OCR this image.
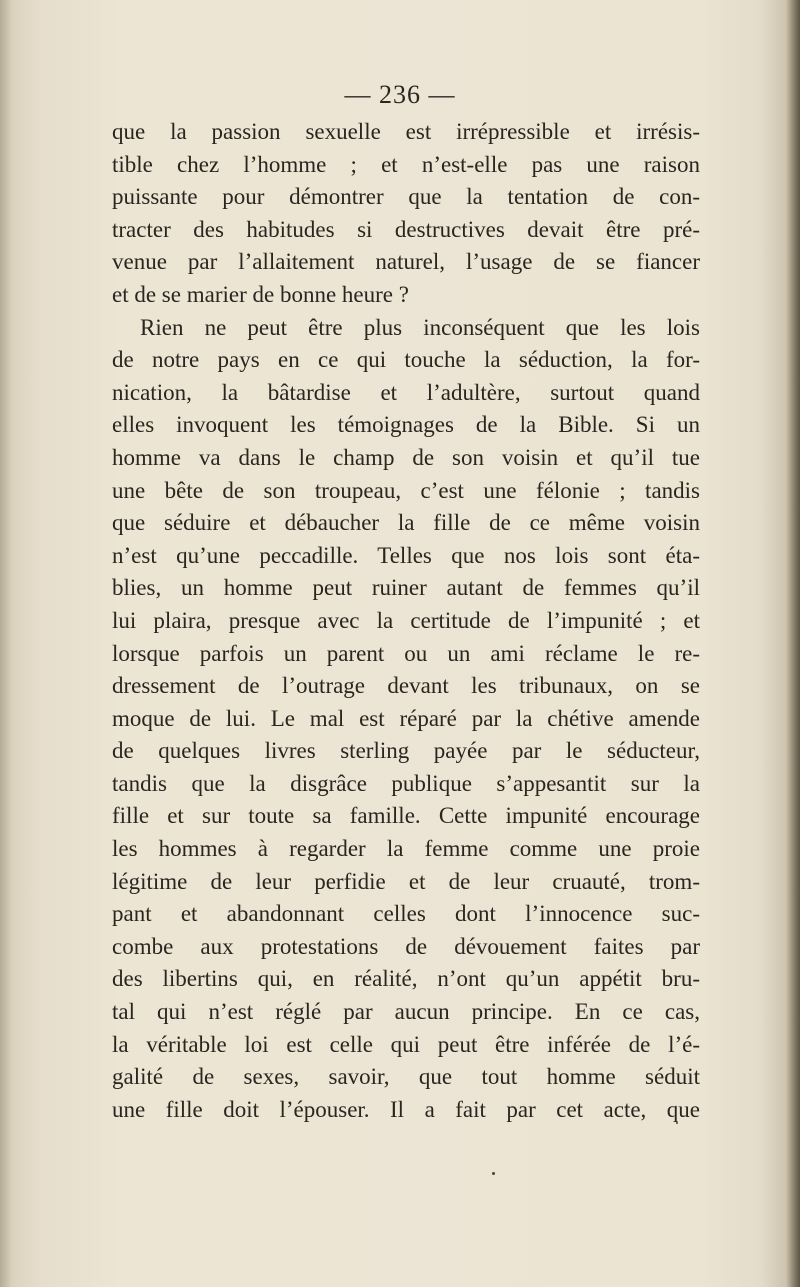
— 236 —
que la passion sexuelle est irrépressible et irrésis-
tible chez l’homme ; et n’est-elle pas une raison
puissante pour démontrer que la tentation de con-
tracter des habitudes si destructives devait être pré-
venue par l’allaitement naturel, l’usage de se fiancer
et de se marier de bonne heure ?
Rien ne peut être plus inconséquent que les lois
de notre pays en ce qui touche la séduction, la for-
nication, la bâtardise et l’adultère, surtout quand
elles invoquent les témoignages de la Bible. Si un
homme va dans le champ de son voisin et qu’il tue
une bête de son troupeau, c’est une félonie ; tandis
que séduire et débaucher la fille de ce même voisin
n’est qu’une peccadille. Telles que nos lois sont éta-
blies, un homme peut ruiner autant de femmes qu’il
lui plaira, presque avec la certitude de l’impunité ; et
lorsque parfois un parent ou un ami réclame le re-
dressement de l’outrage devant les tribunaux, on se
moque de lui. Le mal est réparé par la chétive amende
de quelques livres sterling payée par le séducteur,
tandis que la disgrâce publique s’appesantit sur la
fille et sur toute sa famille. Cette impunité encourage
les hommes à regarder la femme comme une proie
légitime de leur perfidie et de leur cruauté, trom-
pant et abandonnant celles dont l’innocence suc-
combe aux protestations de dévouement faites par
des libertins qui, en réalité, n’ont qu’un appétit bru-
tal qui n’est réglé par aucun principe. En ce cas,
la véritable loi est celle qui peut être inférée de l’é-
galité de sexes, savoir, que tout homme séduit
une fille doit l’épouser. Il a fait par cet acte, que
